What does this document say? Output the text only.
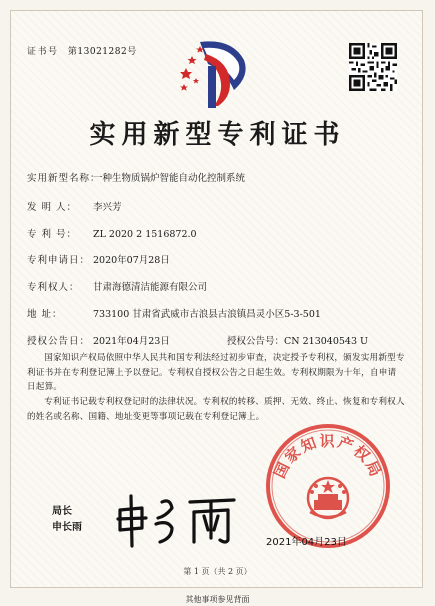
证书号 第13021282号
实用新型专利证书
实用新型名称：一种生物质锅炉智能自动化控制系统
发 明 人： 李兴芳
专 利 号： ZL 2020 2 1516872.0
专利申请日： 2020年07月28日
专利权人： 甘肃海德清洁能源有限公司
地 址：	733100 甘肃省武威市古浪县古浪镇昌灵小区5-3-501
授权公告日： 2021年04月23日	授权公告号：CN 213040543 U
国家知识产权局依照中华人民共和国专利法经过初步审查，决定授予专利权，颁发实用新型专利证书并在专利登记簿上予以登记。专利权自授权公告之日起生效。专利权期限为十年，自申请日起算。
专利证书记载专利权登记时的法律状况。专利权的转移、质押、无效、终止、恢复和专利权人的姓名或名称、国籍、地址变更等事项记载在专利登记簿上。
局长
申长雨
国家知识产权局
2021年04月23日
第 1 页（共 2 页）
其他事项参见背面
